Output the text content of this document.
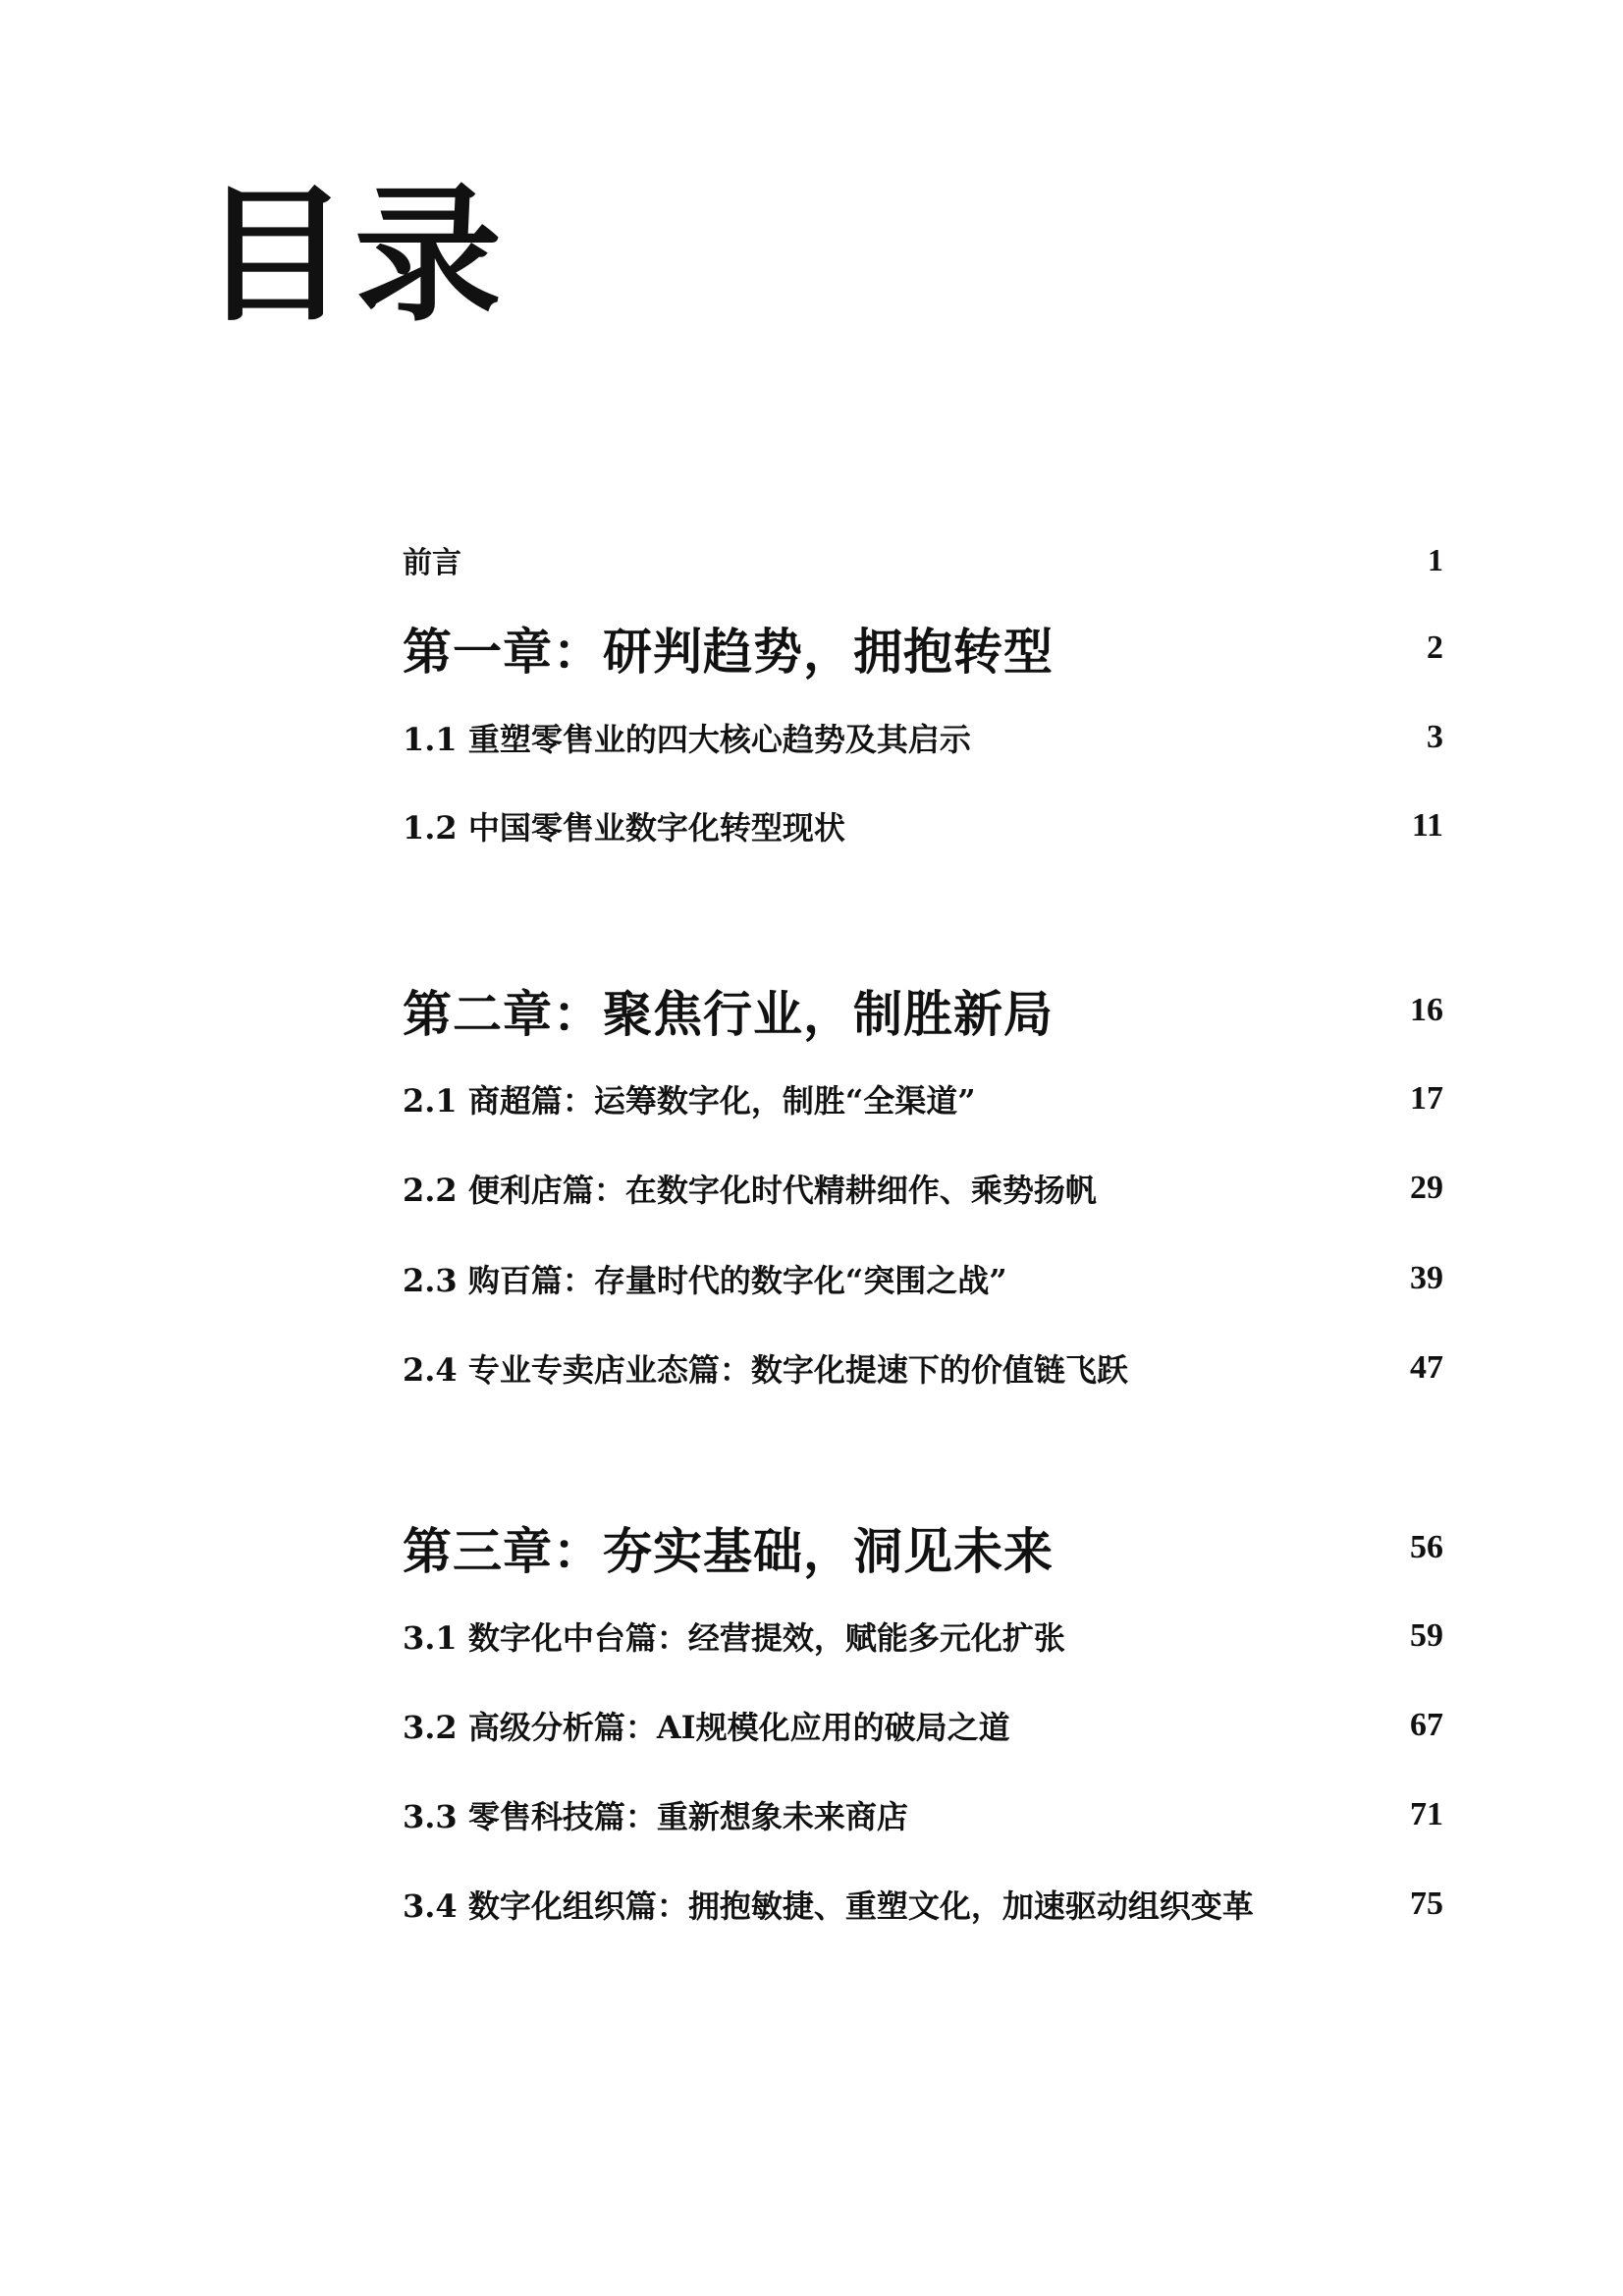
目录
前言	1
第一章：研判趋势，拥抱转型	2
1.1 重塑零售业的四大核心趋势及其启示	3
1.2 中国零售业数字化转型现状	11
第二章：聚焦行业，制胜新局	16
2.1 商超篇：运筹数字化，制胜“全渠道”	17
2.2 便利店篇：在数字化时代精耕细作、乘势扬帆	29
2.3 购百篇：存量时代的数字化“突围之战”	39
2.4 专业专卖店业态篇：数字化提速下的价值链飞跃	47
第三章：夯实基础，洞见未来	56
3.1 数字化中台篇：经营提效，赋能多元化扩张	59
3.2 高级分析篇：AI规模化应用的破局之道	67
3.3 零售科技篇：重新想象未来商店	71
3.4 数字化组织篇：拥抱敏捷、重塑文化，加速驱动组织变革	75
